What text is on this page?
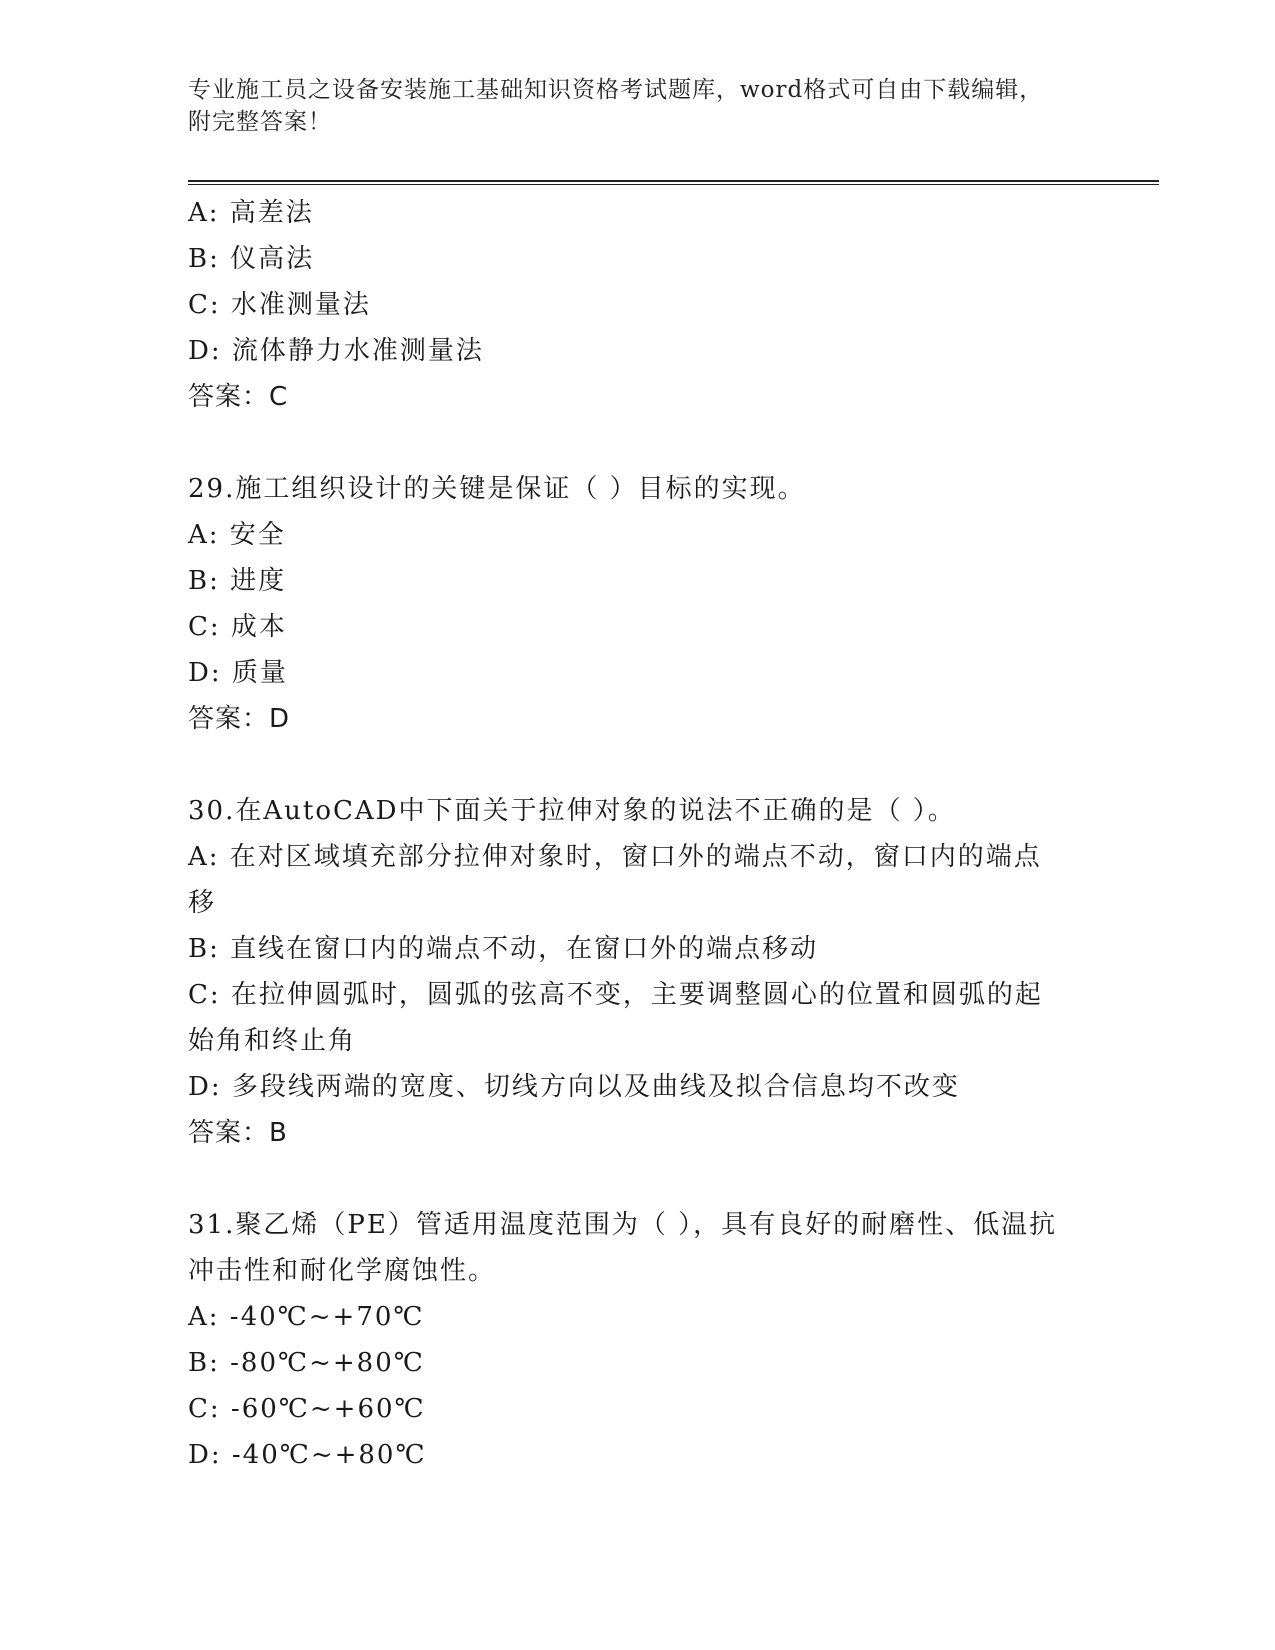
专业施工员之设备安装施工基础知识资格考试题库，word格式可自由下载编辑，
附完整答案！
A: 高差法
B: 仪高法
C: 水准测量法
D: 流体静力水准测量法
答案：C
29.施工组织设计的关键是保证（ ）目标的实现。
A: 安全
B: 进度
C: 成本
D: 质量
答案：D
30.在AutoCAD中下面关于拉伸对象的说法不正确的是（ ）。
A: 在对区域填充部分拉伸对象时，窗口外的端点不动，窗口内的端点移
B: 直线在窗口内的端点不动，在窗口外的端点移动
C: 在拉伸圆弧时，圆弧的弦高不变，主要调整圆心的位置和圆弧的起始角和终止角
D: 多段线两端的宽度、切线方向以及曲线及拟合信息均不改变
答案：B
31.聚乙烯（PE）管适用温度范围为（ ），具有良好的耐磨性、低温抗冲击性和耐化学腐蚀性。
A: -40℃~+70℃
B: -80℃~+80℃
C: -60℃~+60℃
D: -40℃~+80℃
